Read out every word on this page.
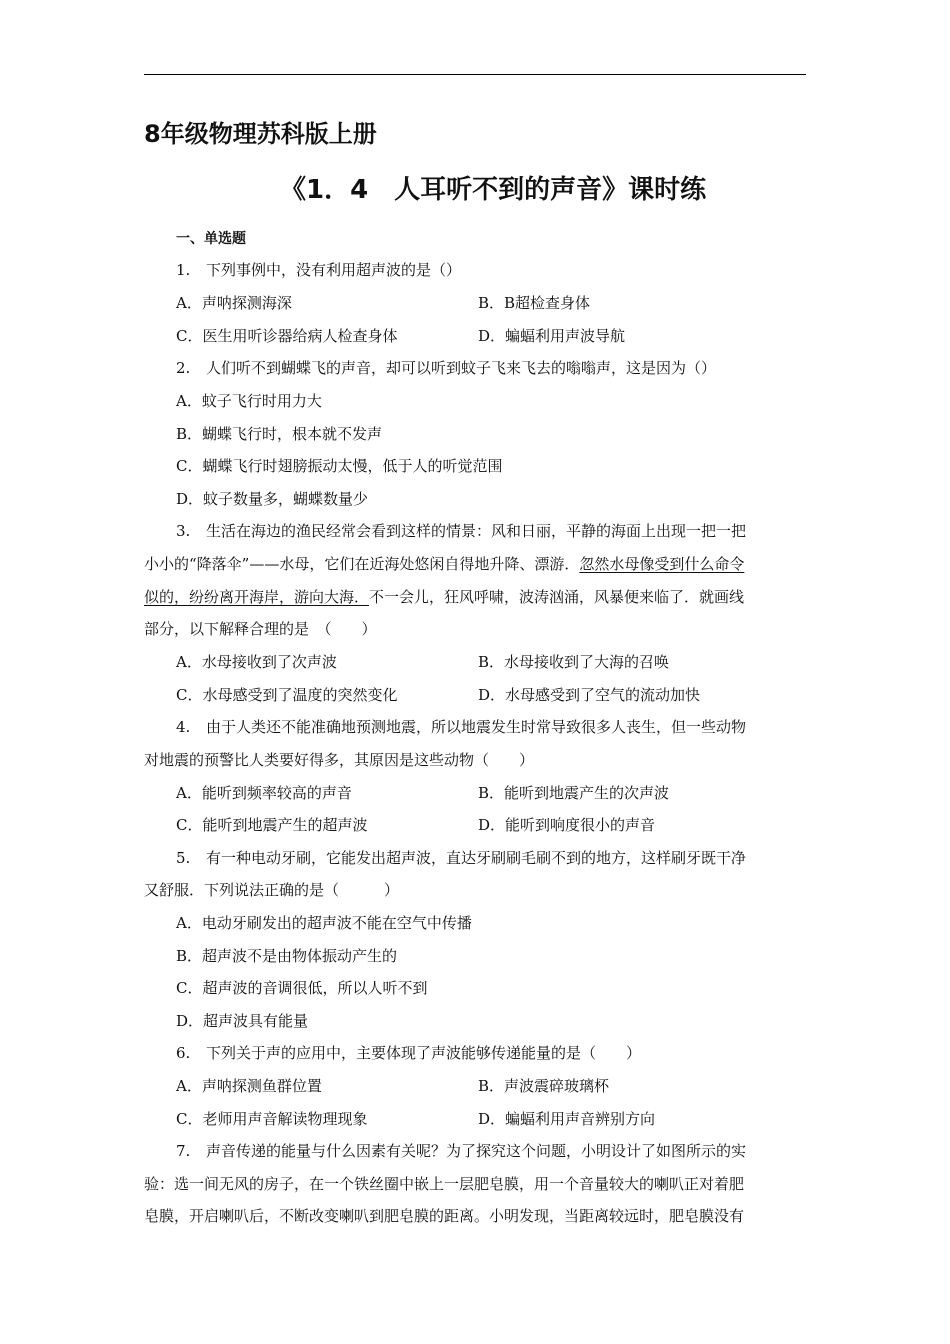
8年级物理苏科版上册
《1．4　人耳听不到的声音》课时练
一、单选题
1. 下列事例中，没有利用超声波的是（）
A．声呐探测海深	B．B超检查身体
C．医生用听诊器给病人检查身体	D．蝙蝠利用声波导航
2. 人们听不到蝴蝶飞的声音，却可以听到蚊子飞来飞去的嗡嗡声，这是因为（）
A．蚊子飞行时用力大
B．蝴蝶飞行时，根本就不发声
C．蝴蝶飞行时翅膀振动太慢，低于人的听觉范围
D．蚊子数量多，蝴蝶数量少
3. 生活在海边的渔民经常会看到这样的情景：风和日丽，平静的海面上出现一把一把
小小的“降落伞”——水母，它们在近海处悠闲自得地升降、漂游．忽然水母像受到什么命令
似的，纷纷离开海岸，游向大海．不一会儿，狂风呼啸，波涛汹涌，风暴便来临了．就画线
部分，以下解释合理的是　（　　）
A．水母接收到了次声波	B．水母接收到了大海的召唤
C．水母感受到了温度的突然变化	D．水母感受到了空气的流动加快
4. 由于人类还不能准确地预测地震，所以地震发生时常导致很多人丧生，但一些动物
对地震的预警比人类要好得多，其原因是这些动物（　　）
A．能听到频率较高的声音	B．能听到地震产生的次声波
C．能听到地震产生的超声波	D．能听到响度很小的声音
5. 有一种电动牙刷，它能发出超声波，直达牙刷刷毛刷不到的地方，这样刷牙既干净
又舒服．下列说法正确的是（　　　）
A．电动牙刷发出的超声波不能在空气中传播
B．超声波不是由物体振动产生的
C．超声波的音调很低，所以人听不到
D．超声波具有能量
6. 下列关于声的应用中，主要体现了声波能够传递能量的是（　　）
A．声呐探测鱼群位置	B．声波震碎玻璃杯
C．老师用声音解读物理现象	D．蝙蝠利用声音辨别方向
7. 声音传递的能量与什么因素有关呢？为了探究这个问题，小明设计了如图所示的实
验：选一间无风的房子，在一个铁丝圈中嵌上一层肥皂膜，用一个音量较大的喇叭正对着肥
皂膜，开启喇叭后，不断改变喇叭到肥皂膜的距离。小明发现，当距离较远时，肥皂膜没有
